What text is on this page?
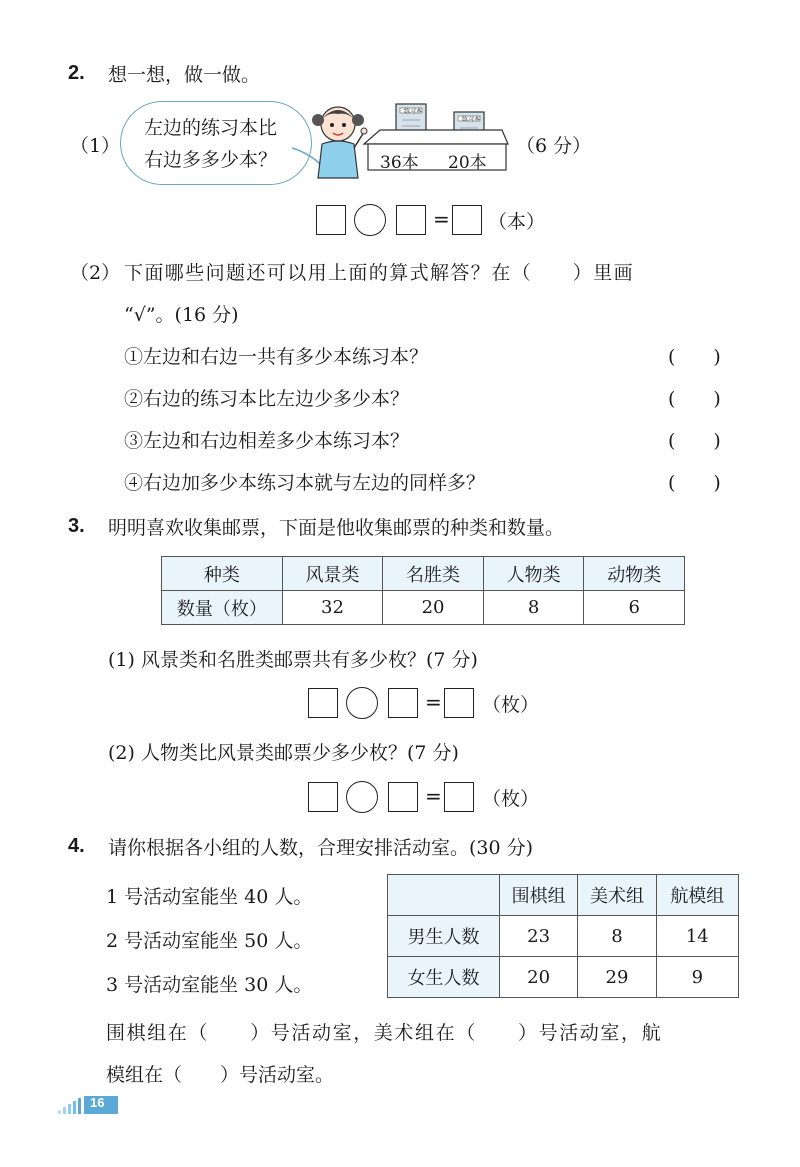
2. 想一想，做一做。
（1）
左边的练习本比
右边多多少本？
练习本
练习本
36本 20本
（6 分）
= （本）
（2） 下面哪些问题还可以用上面的算式解答？在（　　）里画
“√”。(16 分)
①左边和右边一共有多少本练习本？	(　　)
②右边的练习本比左边少多少本？	(　　)
③左边和右边相差多少本练习本？	(　　)
④右边加多少本练习本就与左边的同样多？	(　　)
3. 明明喜欢收集邮票，下面是他收集邮票的种类和数量。
种类	风景类	名胜类	人物类	动物类
数量（枚）	32	20	8	6
(1) 风景类和名胜类邮票共有多少枚？(7 分)
= （枚）
(2) 人物类比风景类邮票少多少枚？(7 分)
= （枚）
4. 请你根据各小组的人数，合理安排活动室。(30 分)
1 号活动室能坐 40 人。
2 号活动室能坐 50 人。
3 号活动室能坐 30 人。
	围棋组	美术组	航模组
男生人数	23	8	14
女生人数	20	29	9
围棋组在（　　）号活动室，美术组在（　　）号活动室，航
模组在（　　）号活动室。
16
